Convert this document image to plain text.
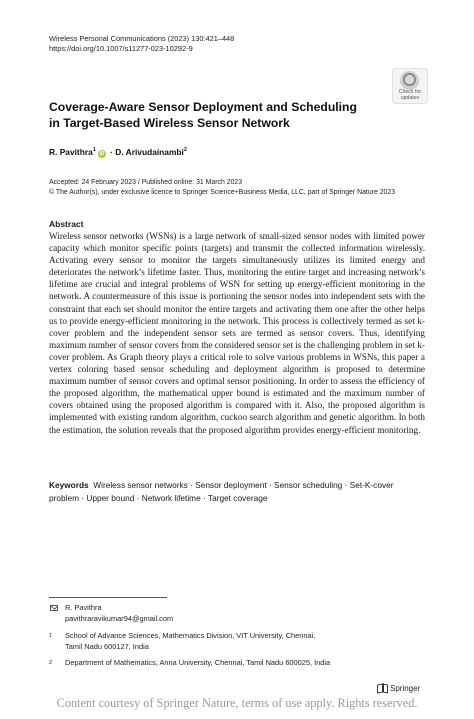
Wireless Personal Communications (2023) 130:421–448
https://doi.org/10.1007/s11277-023-10292-9
Check for
updates
Coverage-Aware Sensor Deployment and Scheduling
in Target-Based Wireless Sensor Network
R. Pavithra$^1$iD · D. Arivudainambi$^2$
Accepted: 24 February 2023 / Published online: 31 March 2023
© The Author(s), under exclusive licence to Springer Science+Business Media, LLC, part of Springer Nature 2023
Abstract
Wireless sensor networks (WSNs) is a large network of small-sized sensor nodes with limited power capacity which monitor specific points (targets) and transmit the collected information wirelessly. Activating every sensor to monitor the targets simultaneously utilizes its limited energy and deteriorates the network’s lifetime faster. Thus, monitoring the entire target and increasing network’s lifetime are crucial and integral problems of WSN for setting up energy-efficient monitoring in the network. A countermeasure of this issue is portioning the sensor nodes into independent sets with the constraint that each set should monitor the entire targets and activating them one after the other helps us to provide energy-efficient monitoring in the network. This process is collectively termed as set k-cover problem and the independent sensor sets are termed as sensor covers. Thus, identifying maximum number of sensor covers from the considered sensor set is the challenging problem in set k-cover problem. As Graph theory plays a critical role to solve various problems in WSNs, this paper a vertex coloring based sensor scheduling and deployment algorithm is proposed to determine maximum number of sensor covers and optimal sensor positioning. In order to assess the efficiency of the proposed algorithm, the mathematical upper bound is estimated and the maximum number of covers obtained using the proposed algorithm is compared with it. Also, the proposed algorithm is implemented with existing random algorithm, cuckoo search algorithm and genetic algorithm. In both the estimation, the solution reveals that the proposed algorithm provides energy-efficient monitoring.
Keywords Wireless sensor networks · Sensor deployment · Sensor scheduling · Set-K-cover problem · Upper bound · Network lifetime · Target coverage
R. Pavithra
pavithraravikumar94@gmail.com
1 School of Advance Sciences, Mathematics Division, VIT University, Chennai,
Tamil Nadu 600127, India
2 Department of Mathematics, Anna University, Chennai, Tamil Nadu 600025, India
Springer
Content courtesy of Springer Nature, terms of use apply. Rights reserved.
